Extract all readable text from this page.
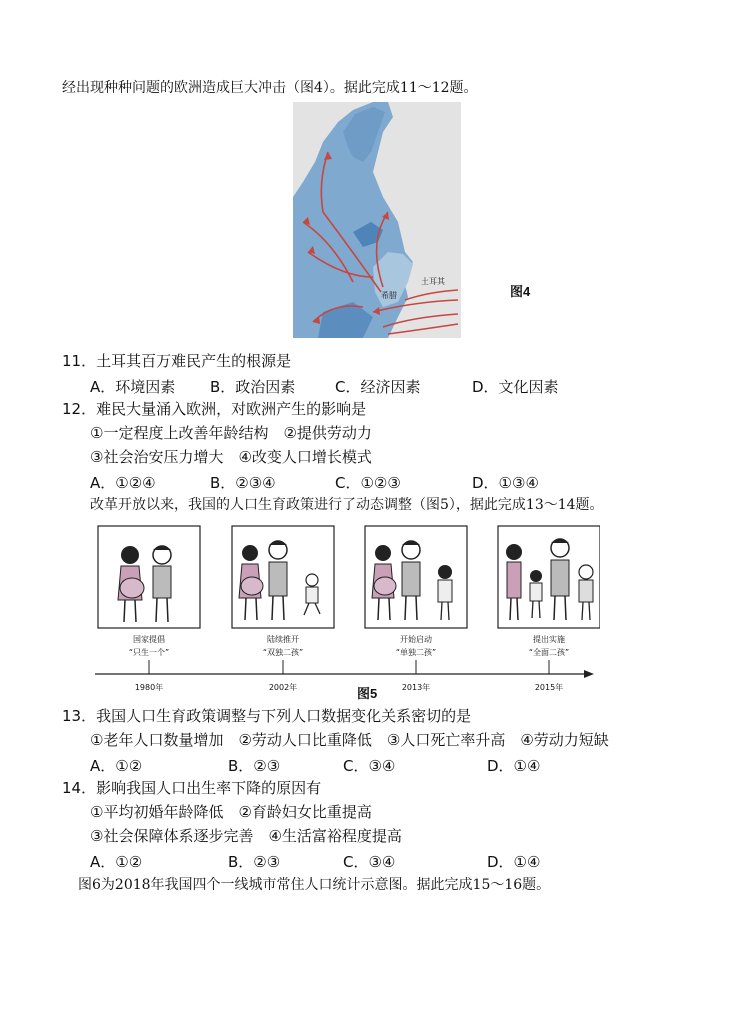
经出现种种问题的欧洲造成巨大冲击（图4）。据此完成11～12题。
土耳其
希腊	图4
11．土耳其百万难民产生的根源是
A．环境因素 B．政治因素	C．经济因素	D．文化因素
12．难民大量涌入欧洲，对欧洲产生的影响是
①一定程度上改善年龄结构　②提供劳动力
③社会治安压力增大　④改变人口增长模式
A．①②④	B．②③④	C．①②③	D．①③④
改革开放以来，我国的人口生育政策进行了动态调整（图5），据此完成13～14题。
国家提倡
“只生一个”
陆续推开
“双独二孩”
开始启动
“单独二孩”
提出实施
“全面二孩”
1980年	2002年	2013年	2015年
图5
13．我国人口生育政策调整与下列人口数据变化关系密切的是
①老年人口数量增加　②劳动人口比重降低　③人口死亡率升高　④劳动力短缺
A．①②	B．②③	C．③④	D．①④
14．影响我国人口出生率下降的原因有
①平均初婚年龄降低　②育龄妇女比重提高
③社会保障体系逐步完善　④生活富裕程度提高
A．①②	B．②③	C．③④	D．①④
图6为2018年我国四个一线城市常住人口统计示意图。据此完成15～16题。
